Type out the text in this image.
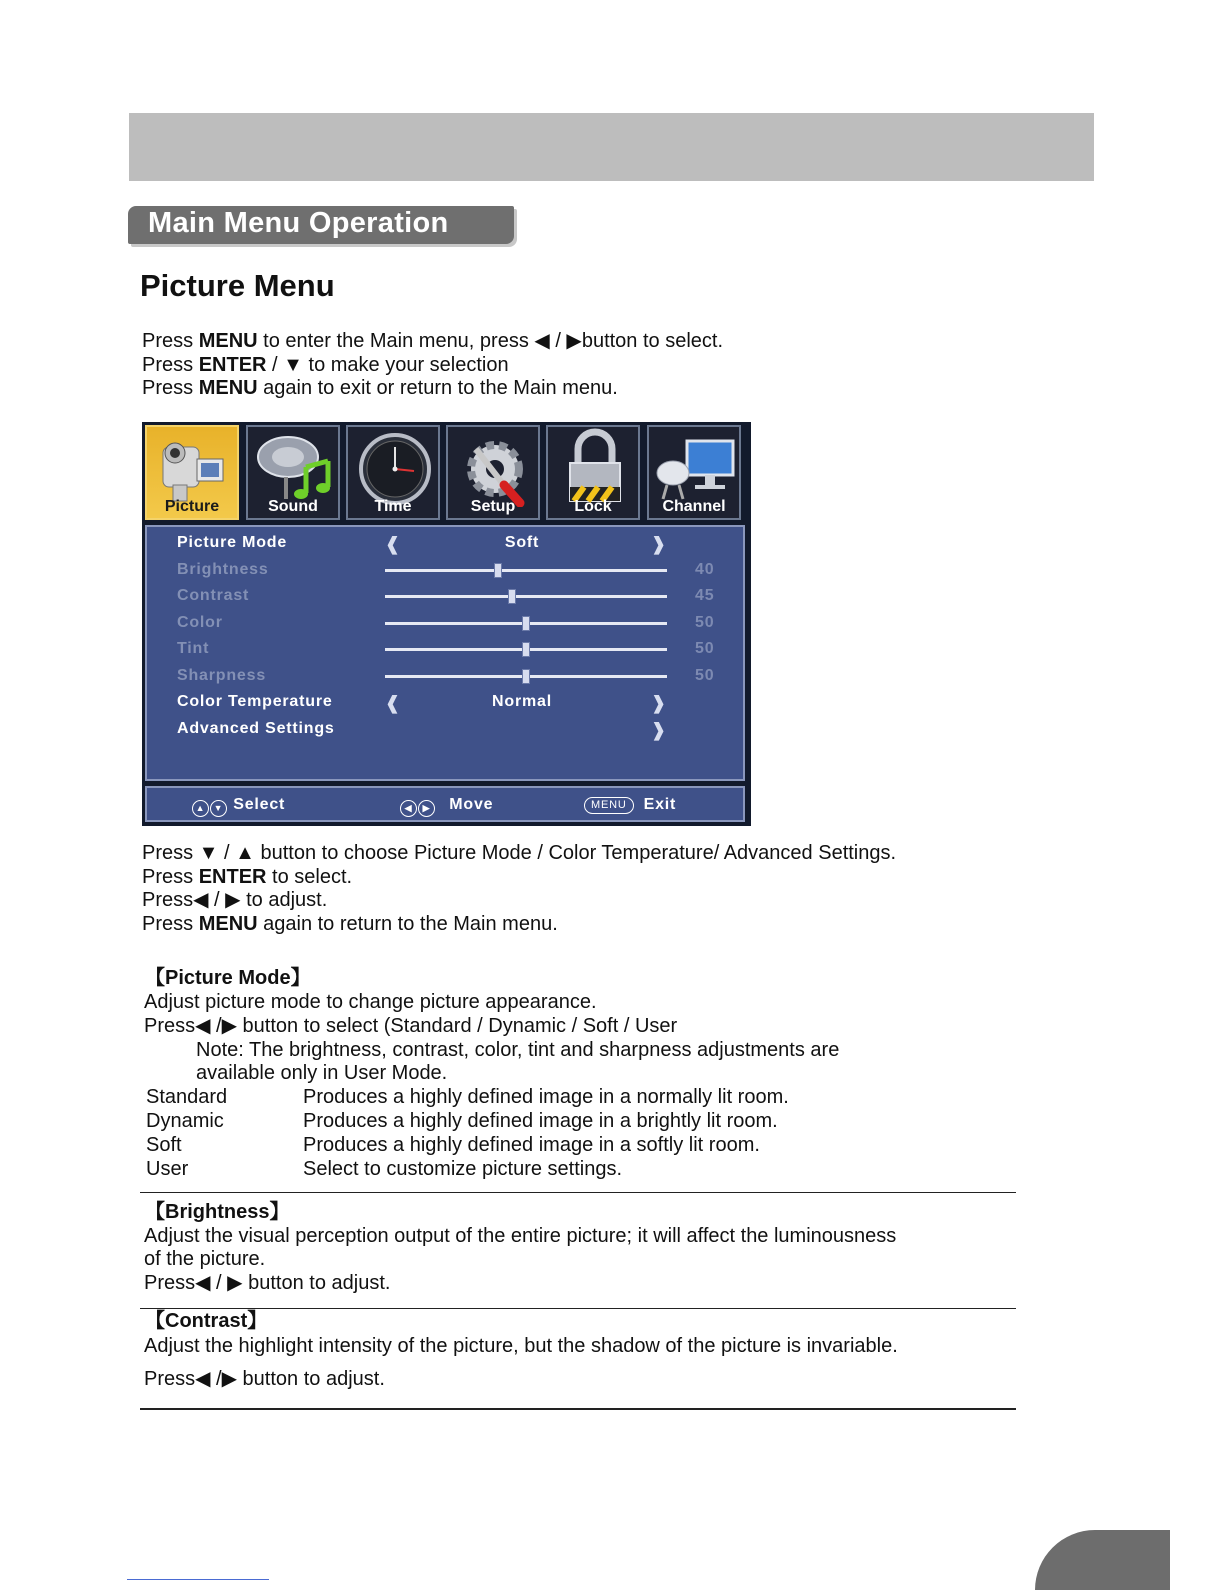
Main Menu Operation
Picture Menu
Press MENU to enter the Main menu, press ◀ / ▶button to select.
Press ENTER / ▼ to make your selection
Press MENU again to exit or return to the Main menu.
Picture	Sound	Time	Setup	Lock	Channel
Picture Mode	❰	Soft	❱
Brightness	40
Contrast	45
Color	50
Tint	50
Sharpness	50
Color Temperature	❰	Normal	❱
Advanced Settings	❱
▲ ▼ Select	◀ ▶ Move	MENU Exit
Press ▼ / ▲ button to choose Picture Mode / Color Temperature/ Advanced Settings.
Press ENTER to select.
Press◀ / ▶ to adjust.
Press MENU again to return to the Main menu.
【Picture Mode】
Adjust picture mode to change picture appearance.
Press◀ /▶ button to select (Standard / Dynamic / Soft / User
Note: The brightness, contrast, color, tint and sharpness adjustments are
available only in User Mode.
Standard	Produces a highly defined image in a normally lit room.
Dynamic	Produces a highly defined image in a brightly lit room.
Soft	Produces a highly defined image in a softly lit room.
User	Select to customize picture settings.
【Brightness】
Adjust the visual perception output of the entire picture; it will affect the luminousness
of the picture.
Press◀ / ▶ button to adjust.
【Contrast】
Adjust the highlight intensity of the picture, but the shadow of the picture is invariable.
Press◀ /▶ button to adjust.
